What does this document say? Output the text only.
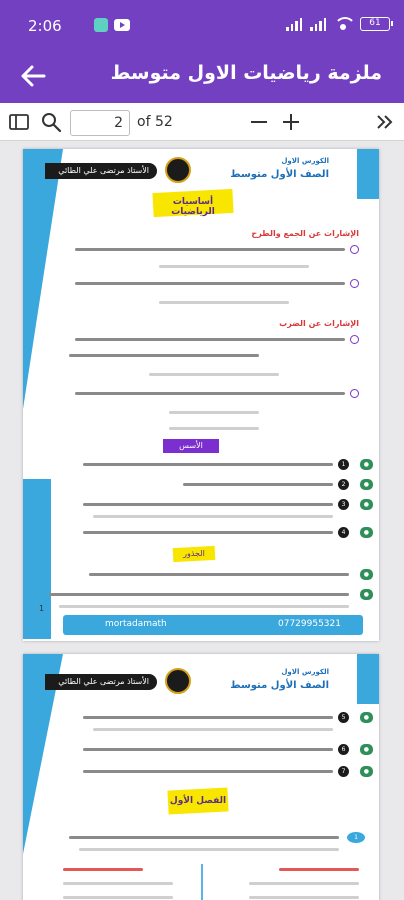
2:06	61
ملزمة رياضيات الاول متوسط
2
of 52
الأستاذ مرتضى علي الطائي
الكورس الاول
الصف الأول متوسط
أساسيات الرياضيات
الإشارات عن الجمع والطرح
الإشارات عن الضرب
الأسس
●
1
●
2
●
3
●
4
الجذور
●
●
1
mortadamath	07729955321
الأستاذ مرتضى علي الطائي
الكورس الاول
الصف الأول متوسط
●
5
●
6
●
7
الفصل الأول
1
